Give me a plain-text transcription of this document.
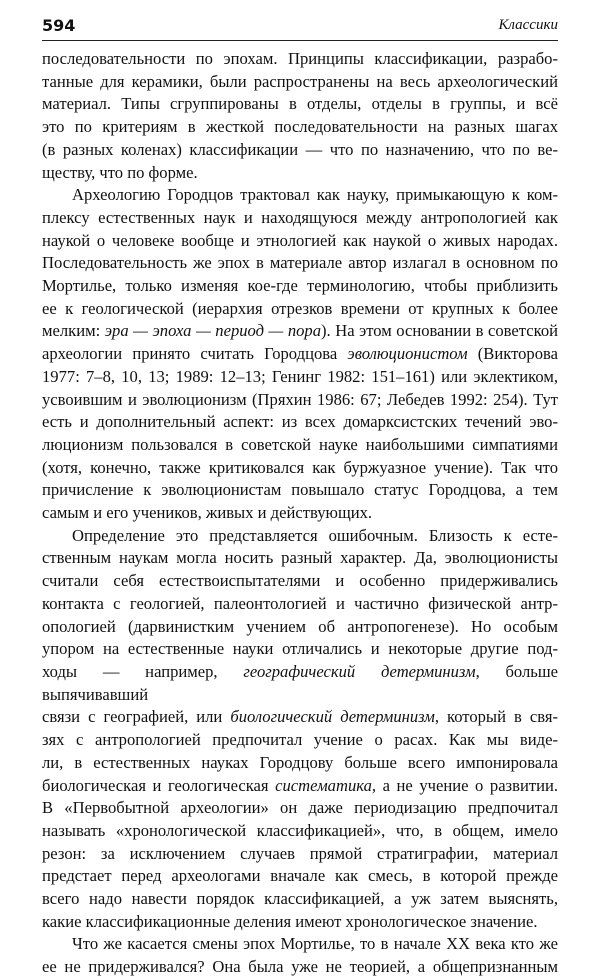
594	Классики

последовательности по эпохам. Принципы классификации, разрабо-

танные для керамики, были распространены на весь археологический

материал. Типы сгруппированы в отделы, отделы в группы, и всё

это по критериям в жесткой последовательности на разных шагах

(в разных коленах) классификации — что по назначению, что по ве-

ществу, что по форме.

Археологию Городцов трактовал как науку, примыкающую к ком-

плексу естественных наук и находящуюся между антропологией как

наукой о человеке вообще и этнологией как наукой о живых народах.

Последовательность же эпох в материале автор излагал в основном по

Мортилье, только изменяя кое-где терминологию, чтобы приблизить

ее к геологической (иерархия отрезков времени от крупных к более

мелким: эра — эпоха — период — пора). На этом основании в советской

археологии принято считать Городцова эволюционистом (Викторова

1977: 7–8, 10, 13; 1989: 12–13; Генинг 1982: 151–161) или эклектиком,

усвоившим и эволюционизм (Пряхин 1986: 67; Лебедев 1992: 254). Тут

есть и дополнительный аспект: из всех домарксистских течений эво-

люционизм пользовался в советской науке наибольшими симпатиями

(хотя, конечно, также критиковался как буржуазное учение). Так что

причисление к эволюционистам повышало статус Городцова, а тем

самым и его учеников, живых и действующих.

Определение это представляется ошибочным. Близость к есте-

ственным наукам могла носить разный характер. Да, эволюционисты

считали себя естествоиспытателями и особенно придерживались

контакта с геологией, палеонтологией и частично физической антр-

опологией (дарвинистким учением об антропогенезе). Но особым

упором на естественные науки отличались и некоторые другие под-

ходы — например, географический детерминизм, больше выпячивавший

связи с географией, или биологический детерминизм, который в свя-

зях с антропологией предпочитал учение о расах. Как мы виде-

ли, в естественных науках Городцову больше всего импонировала

биологическая и геологическая систематика, а не учение о развитии.

В «Первобытной археологии» он даже периодизацию предпочитал

называть «хронологической классификацией», что, в общем, имело

резон: за исключением случаев прямой стратиграфии, материал

предстает перед археологами вначале как смесь, в которой прежде

всего надо навести порядок классификацией, а уж затем выяснять,

какие классификационные деления имеют хронологическое значение.

Что же касается смены эпох Мортилье, то в начале XX века кто же

ее не придерживался? Она была уже не теорией, а общепризнанным
